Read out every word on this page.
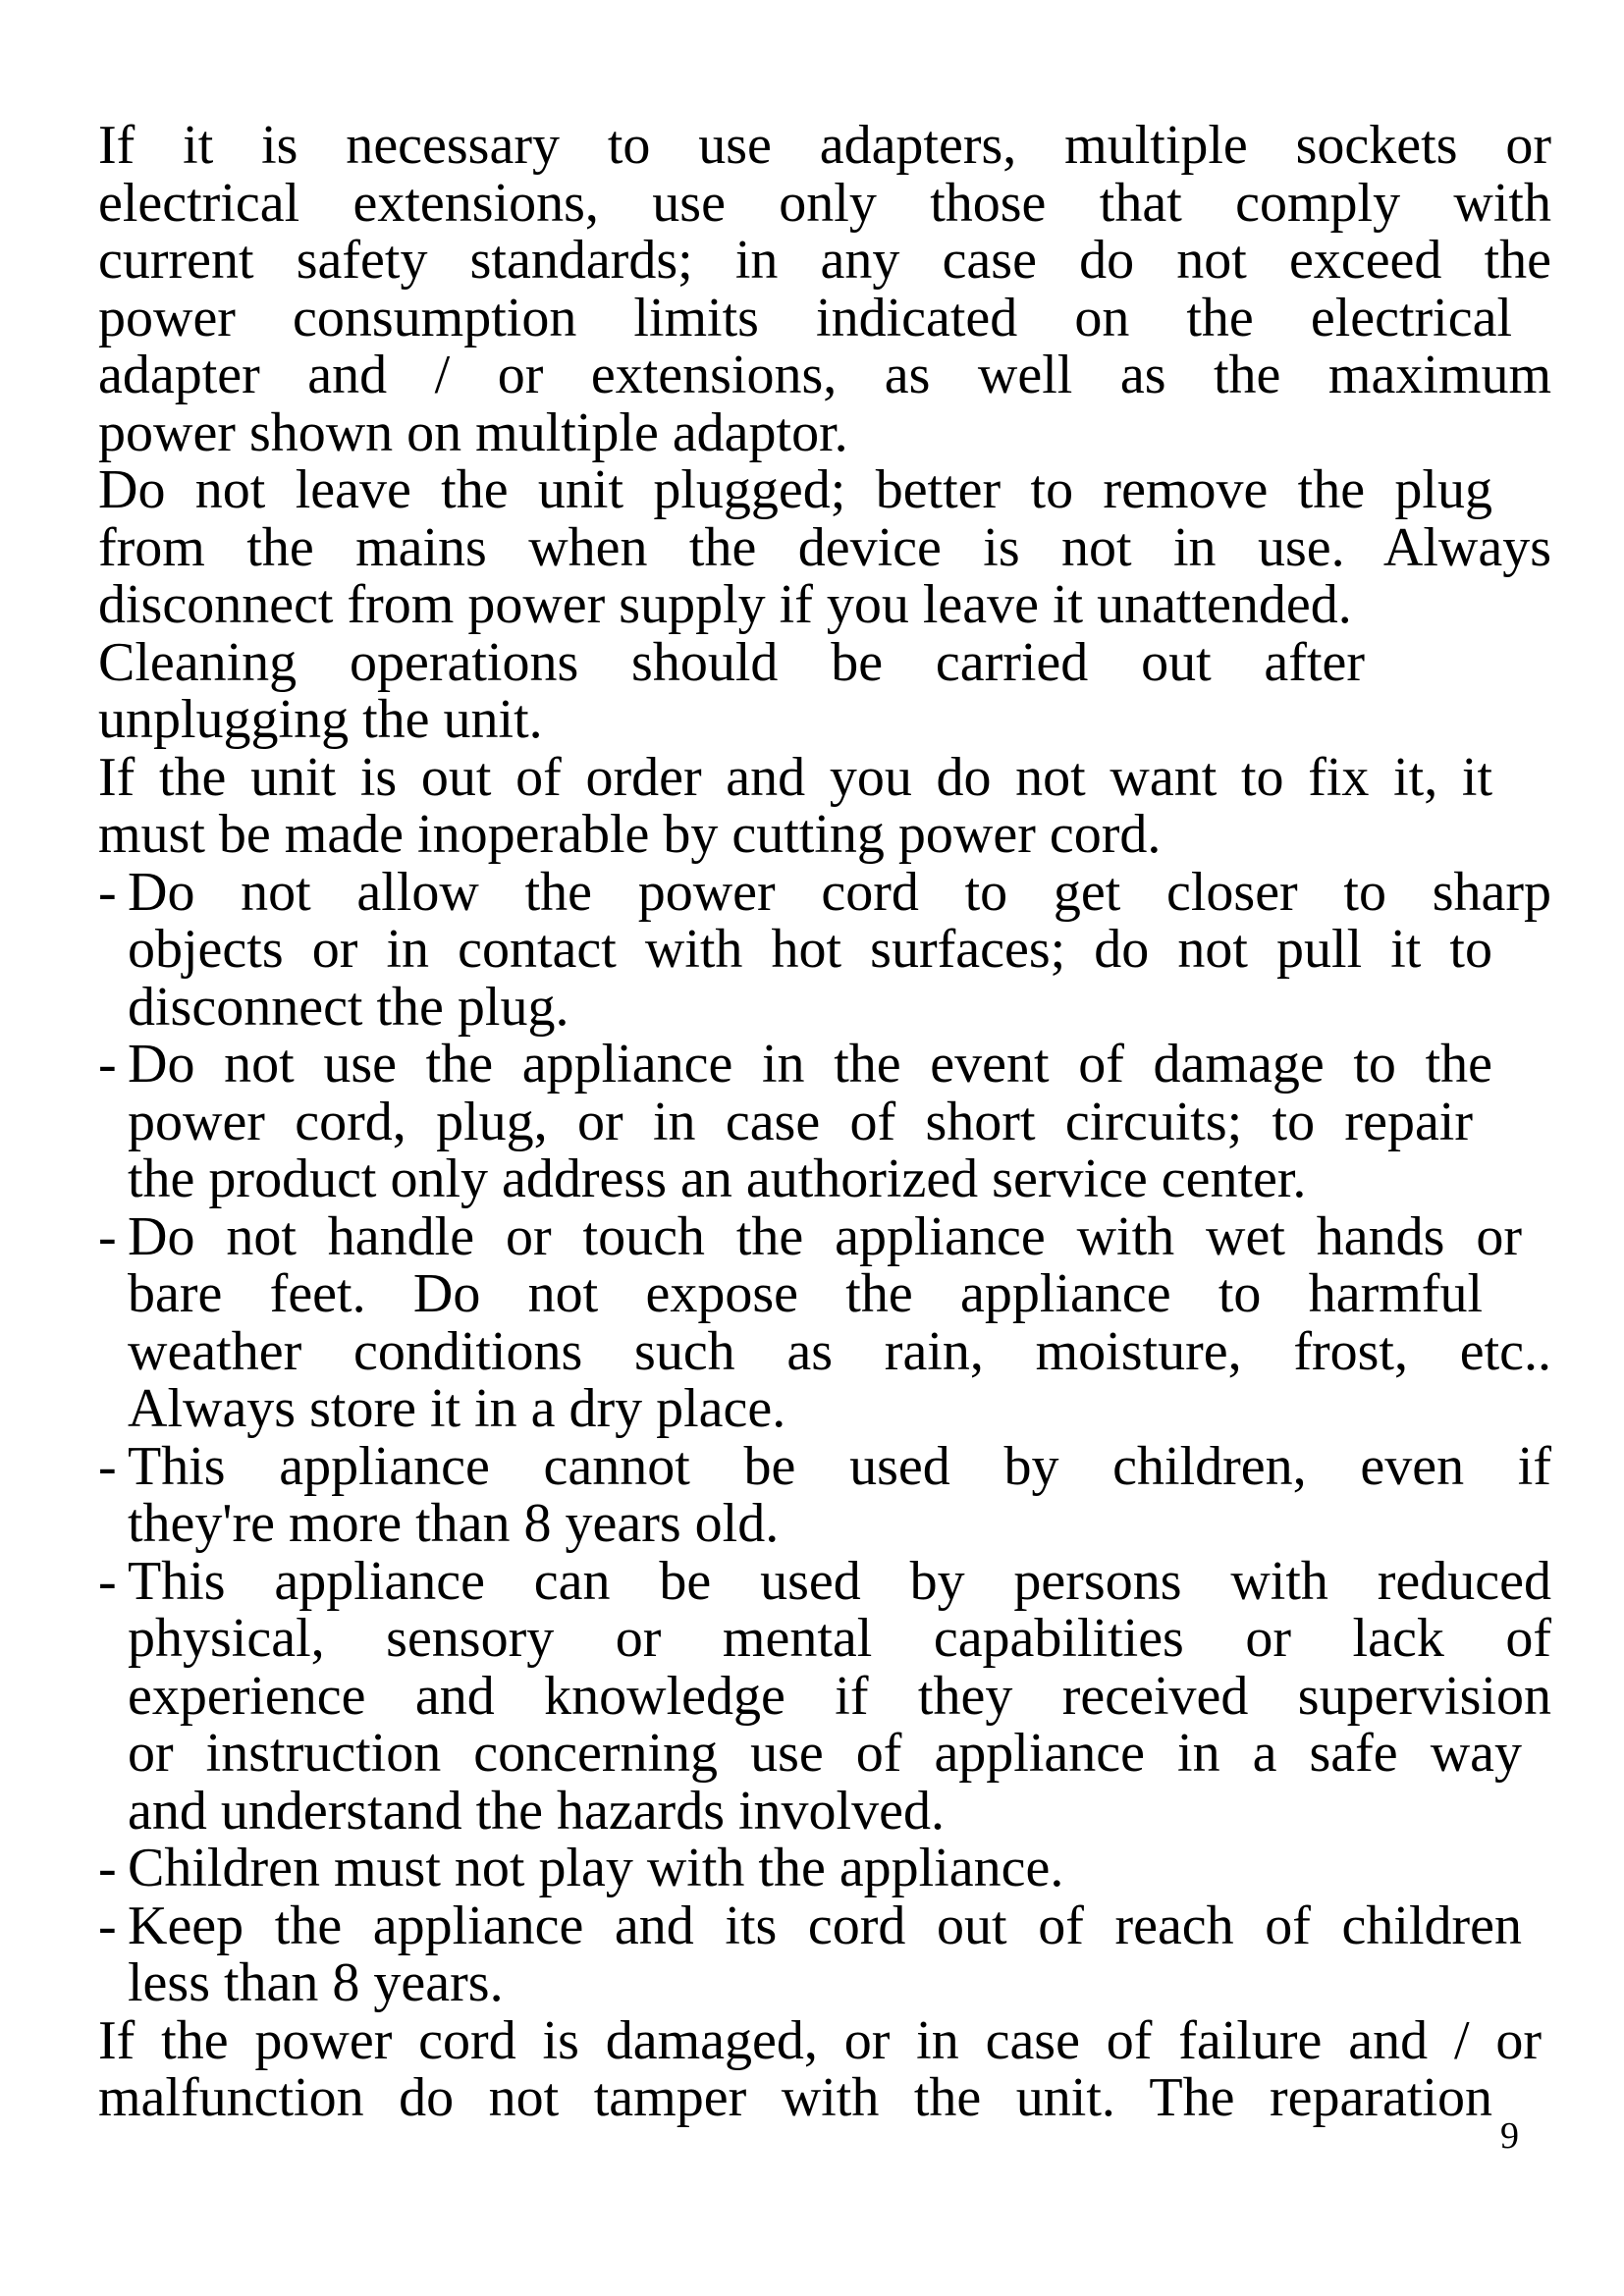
If it is necessary to use adapters, multiple sockets or
electrical extensions, use only those that comply with
current safety standards; in any case do not exceed the
power consumption limits indicated on the electrical
adapter and / or extensions, as well as the maximum
power shown on multiple adaptor.
Do not leave the unit plugged; better to remove the plug
from the mains when the device is not in use. Always
disconnect from power supply if you leave it unattended.
Cleaning operations should be carried out after
unplugging the unit.
If the unit is out of order and you do not want to fix it, it
must be made inoperable by cutting power cord.
- Do not allow the power cord to get closer to sharp
objects or in contact with hot surfaces; do not pull it to
disconnect the plug.
- Do not use the appliance in the event of damage to the
power cord, plug, or in case of short circuits; to repair
the product only address an authorized service center.
- Do not handle or touch the appliance with wet hands or
bare feet. Do not expose the appliance to harmful
weather conditions such as rain, moisture, frost, etc..
Always store it in a dry place.
- This appliance cannot be used by children, even if
they're more than 8 years old.
- This appliance can be used by persons with reduced
physical, sensory or mental capabilities or lack of
experience and knowledge if they received supervision
or instruction concerning use of appliance in a safe way
and understand the hazards involved.
- Children must not play with the appliance.
- Keep the appliance and its cord out of reach of children
less than 8 years.
If the power cord is damaged, or in case of failure and / or
malfunction do not tamper with the unit. The reparation
9
